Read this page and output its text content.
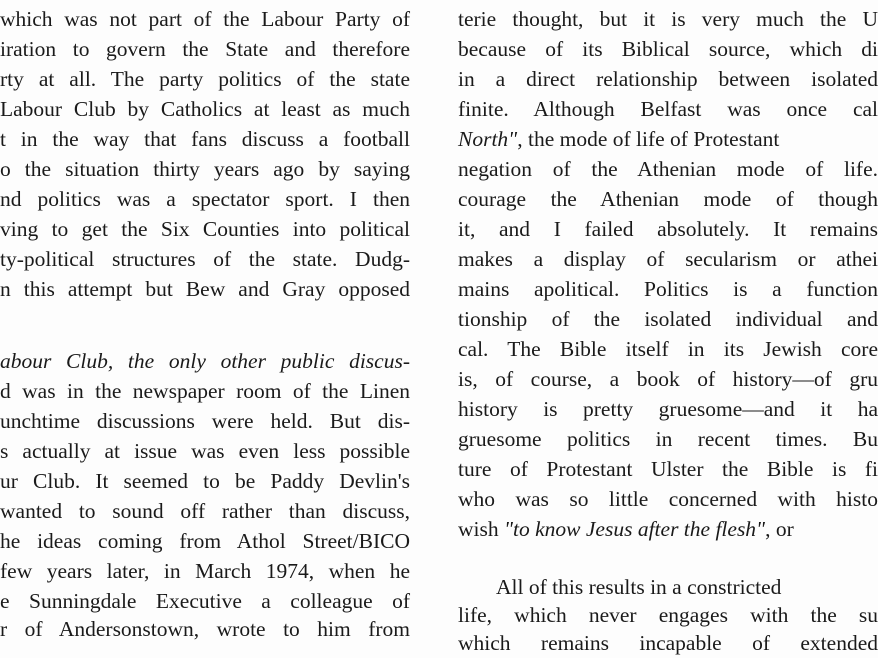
which was not part of the Labour Party of
iration to govern the State and therefore
rty at all. The party politics of the state
Labour Club by Catholics at least as much
t in the way that fans discuss a football
o the situation thirty years ago by saying
nd politics was a spectator sport. I then
ving to get the Six Counties into political
ty-political structures of the state. Dudg-
n this attempt but Bew and Gray opposed
abour Club, the only other public discus-
d was in the newspaper room of the Linen
unchtime discussions were held. But dis-
s actually at issue was even less possible
ur Club. It seemed to be Paddy Devlin's
wanted to sound off rather than discuss,
he ideas coming from Athol Street/BICO
few years later, in March 1974, when he
e Sunningdale Executive a colleague of
r of Andersonstown, wrote to him from
terie thought, but it is very much the U
because of its Biblical source, which di
in a direct relationship between isolated
finite. Although Belfast was once cal
North", the mode of life of Protestant
negation of the Athenian mode of life.
courage the Athenian mode of though
it, and I failed absolutely. It remains
makes a display of secularism or athei
mains apolitical. Politics is a function
tionship of the isolated individual and
cal. The Bible itself in its Jewish core
is, of course, a book of history—of gru
history is pretty gruesome—and it ha
gruesome politics in recent times. Bu
ture of Protestant Ulster the Bible is fi
who was so little concerned with histo
wish "to know Jesus after the flesh", or
All of this results in a constricted
life, which never engages with the su
which remains incapable of extended
